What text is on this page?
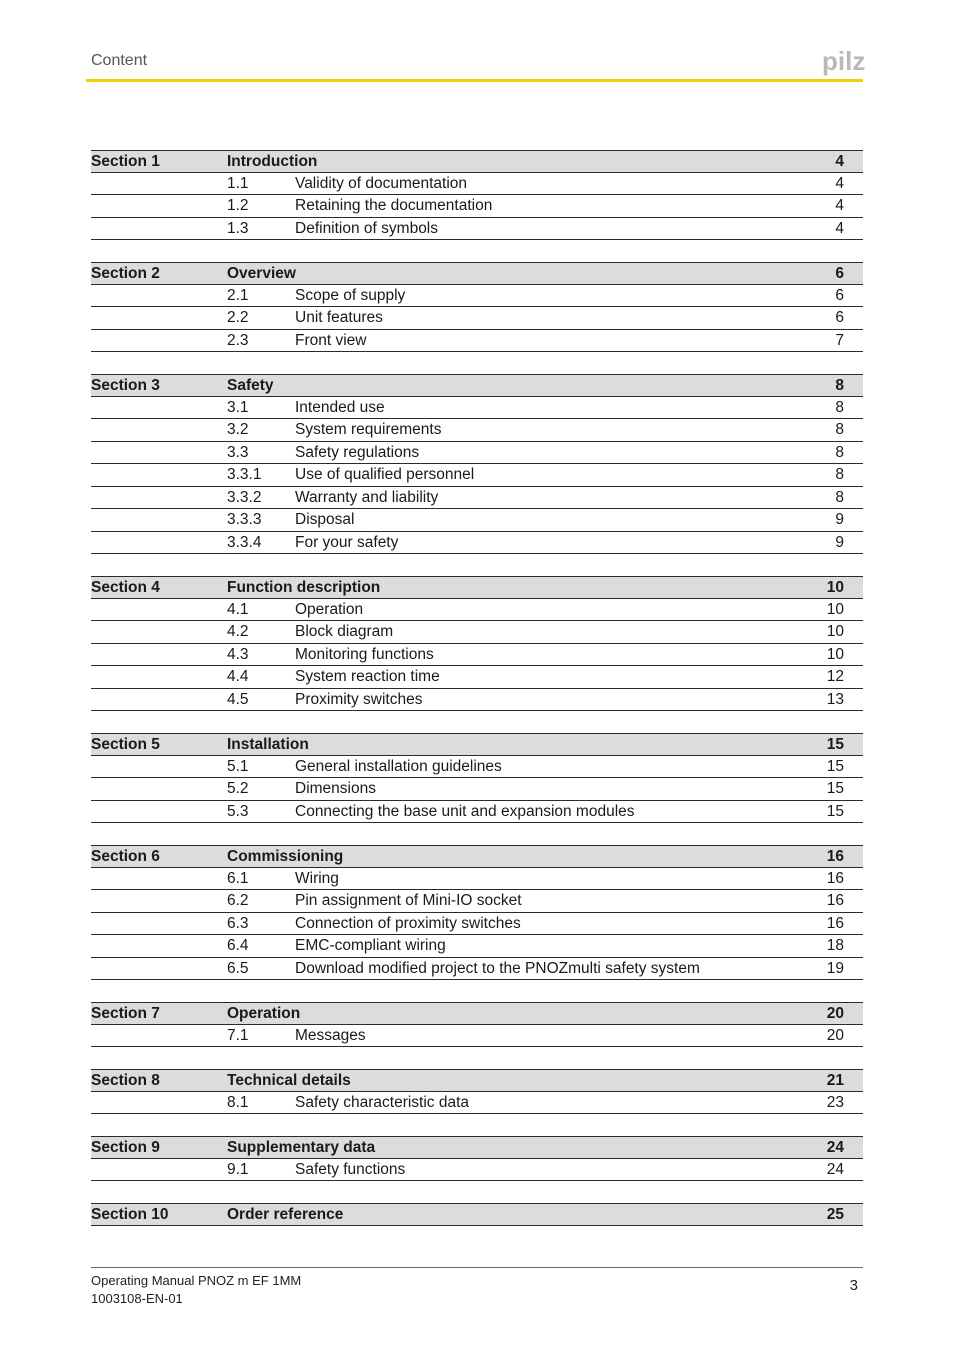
Content	pilz
Section 1	Introduction	4
1.1	Validity of documentation	4
1.2	Retaining the documentation	4
1.3	Definition of symbols	4
Section 2	Overview	6
2.1	Scope of supply	6
2.2	Unit features	6
2.3	Front view	7
Section 3	Safety	8
3.1	Intended use	8
3.2	System requirements	8
3.3	Safety regulations	8
3.3.1 Use of qualified personnel	8
3.3.2 Warranty and liability	8
3.3.3 Disposal	9
3.3.4 For your safety	9
Section 4	Function description	10
4.1	Operation	10
4.2	Block diagram	10
4.3	Monitoring functions	10
4.4	System reaction time	12
4.5	Proximity switches	13
Section 5	Installation	15
5.1	General installation guidelines	15
5.2	Dimensions	15
5.3	Connecting the base unit and expansion modules	15
Section 6	Commissioning	16
6.1	Wiring	16
6.2	Pin assignment of Mini-IO socket	16
6.3	Connection of proximity switches	16
6.4	EMC-compliant wiring	18
6.5	Download modified project to the PNOZmulti safety system	19
Section 7	Operation	20
7.1	Messages	20
Section 8	Technical details	21
8.1	Safety characteristic data	23
Section 9	Supplementary data	24
9.1	Safety functions	24
Section 10	Order reference	25
Operating Manual PNOZ m EF 1MM
1003108-EN-01
3
